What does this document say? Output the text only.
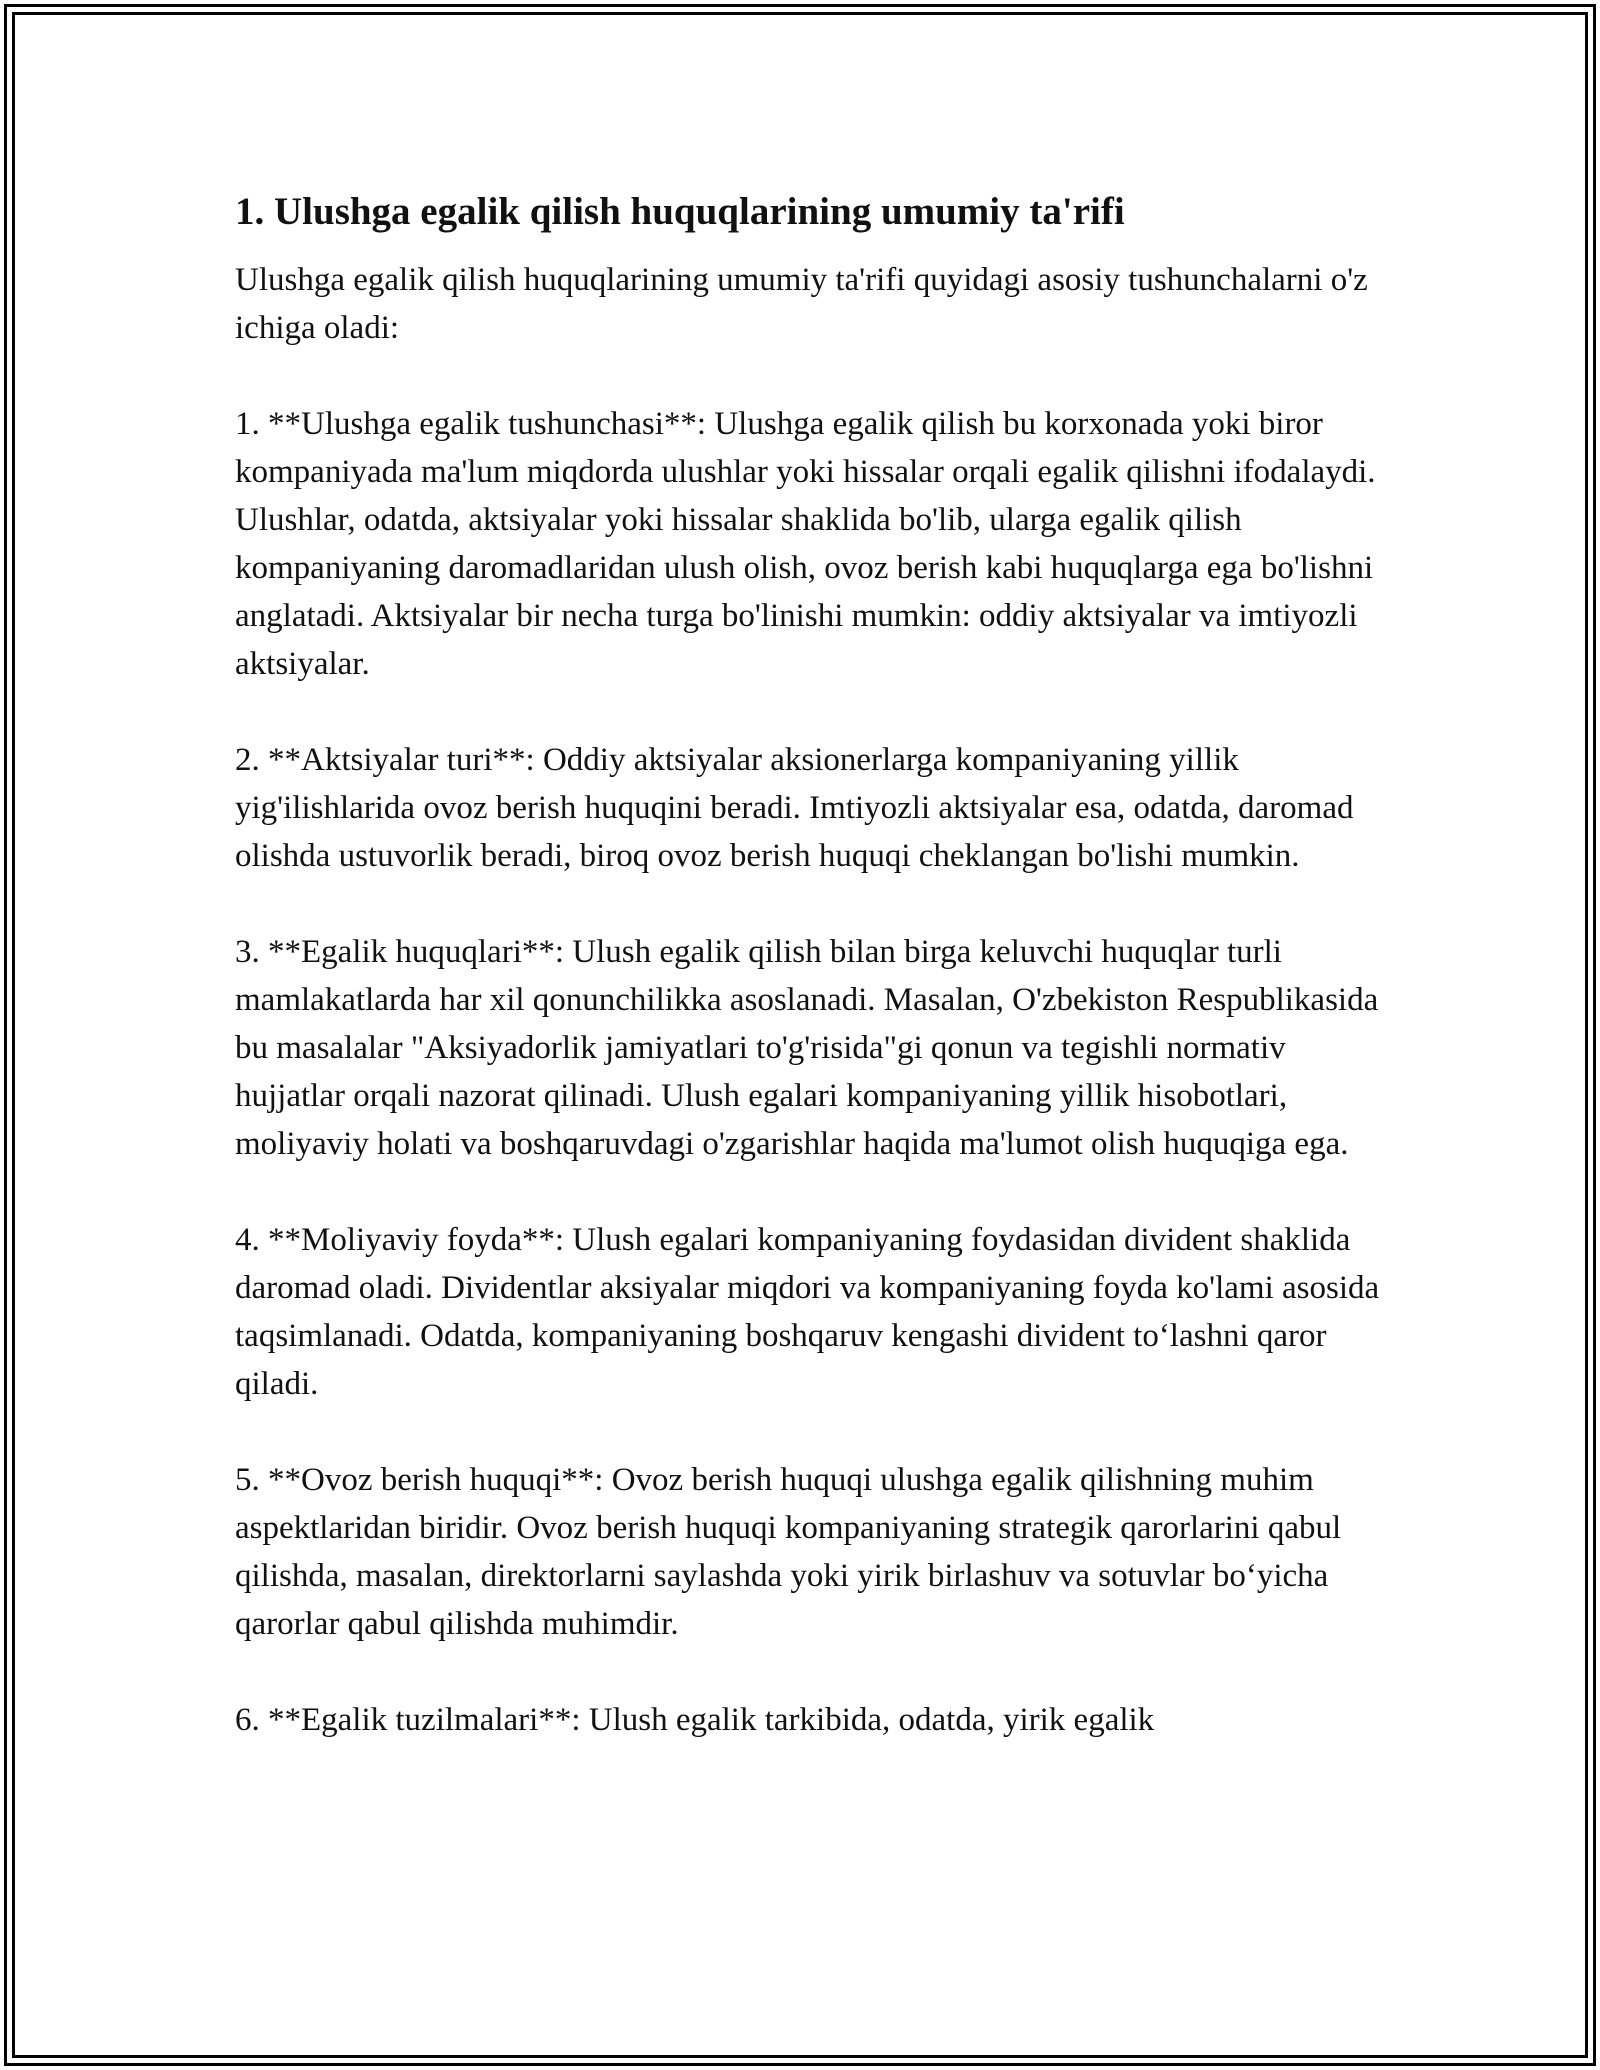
1. Ulushga egalik qilish huquqlarining umumiy ta'rifi

Ulushga egalik qilish huquqlarining umumiy ta'rifi quyidagi asosiy tushunchalarni o'z ichiga oladi:

1. **Ulushga egalik tushunchasi**: Ulushga egalik qilish bu korxonada yoki biror kompaniyada ma'lum miqdorda ulushlar yoki hissalar orqali egalik qilishni ifodalaydi. Ulushlar, odatda, aktsiyalar yoki hissalar shaklida bo'lib, ularga egalik qilish kompaniyaning daromadlaridan ulush olish, ovoz berish kabi huquqlarga ega bo'lishni anglatadi. Aktsiyalar bir necha turga bo'linishi mumkin: oddiy aktsiyalar va imtiyozli aktsiyalar.

2. **Aktsiyalar turi**: Oddiy aktsiyalar aksionerlarga kompaniyaning yillik yig'ilishlarida ovoz berish huquqini beradi. Imtiyozli aktsiyalar esa, odatda, daromad olishda ustuvorlik beradi, biroq ovoz berish huquqi cheklangan bo'lishi mumkin.

3. **Egalik huquqlari**: Ulush egalik qilish bilan birga keluvchi huquqlar turli mamlakatlarda har xil qonunchilikka asoslanadi. Masalan, O'zbekiston Respublikasida bu masalalar "Aksiyadorlik jamiyatlari to'g'risida"gi qonun va tegishli normativ hujjatlar orqali nazorat qilinadi. Ulush egalari kompaniyaning yillik hisobotlari, moliyaviy holati va boshqaruvdagi o'zgarishlar haqida ma'lumot olish huquqiga ega.

4. **Moliyaviy foyda**: Ulush egalari kompaniyaning foydasidan divident shaklida daromad oladi. Dividentlar aksiyalar miqdori va kompaniyaning foyda ko'lami asosida taqsimlanadi. Odatda, kompaniyaning boshqaruv kengashi divident to‘lashni qaror qiladi.

5. **Ovoz berish huquqi**: Ovoz berish huquqi ulushga egalik qilishning muhim aspektlaridan biridir. Ovoz berish huquqi kompaniyaning strategik qarorlarini qabul qilishda, masalan, direktorlarni saylashda yoki yirik birlashuv va sotuvlar bo‘yicha qarorlar qabul qilishda muhimdir.

6. **Egalik tuzilmalari**: Ulush egalik tarkibida, odatda, yirik egalik
